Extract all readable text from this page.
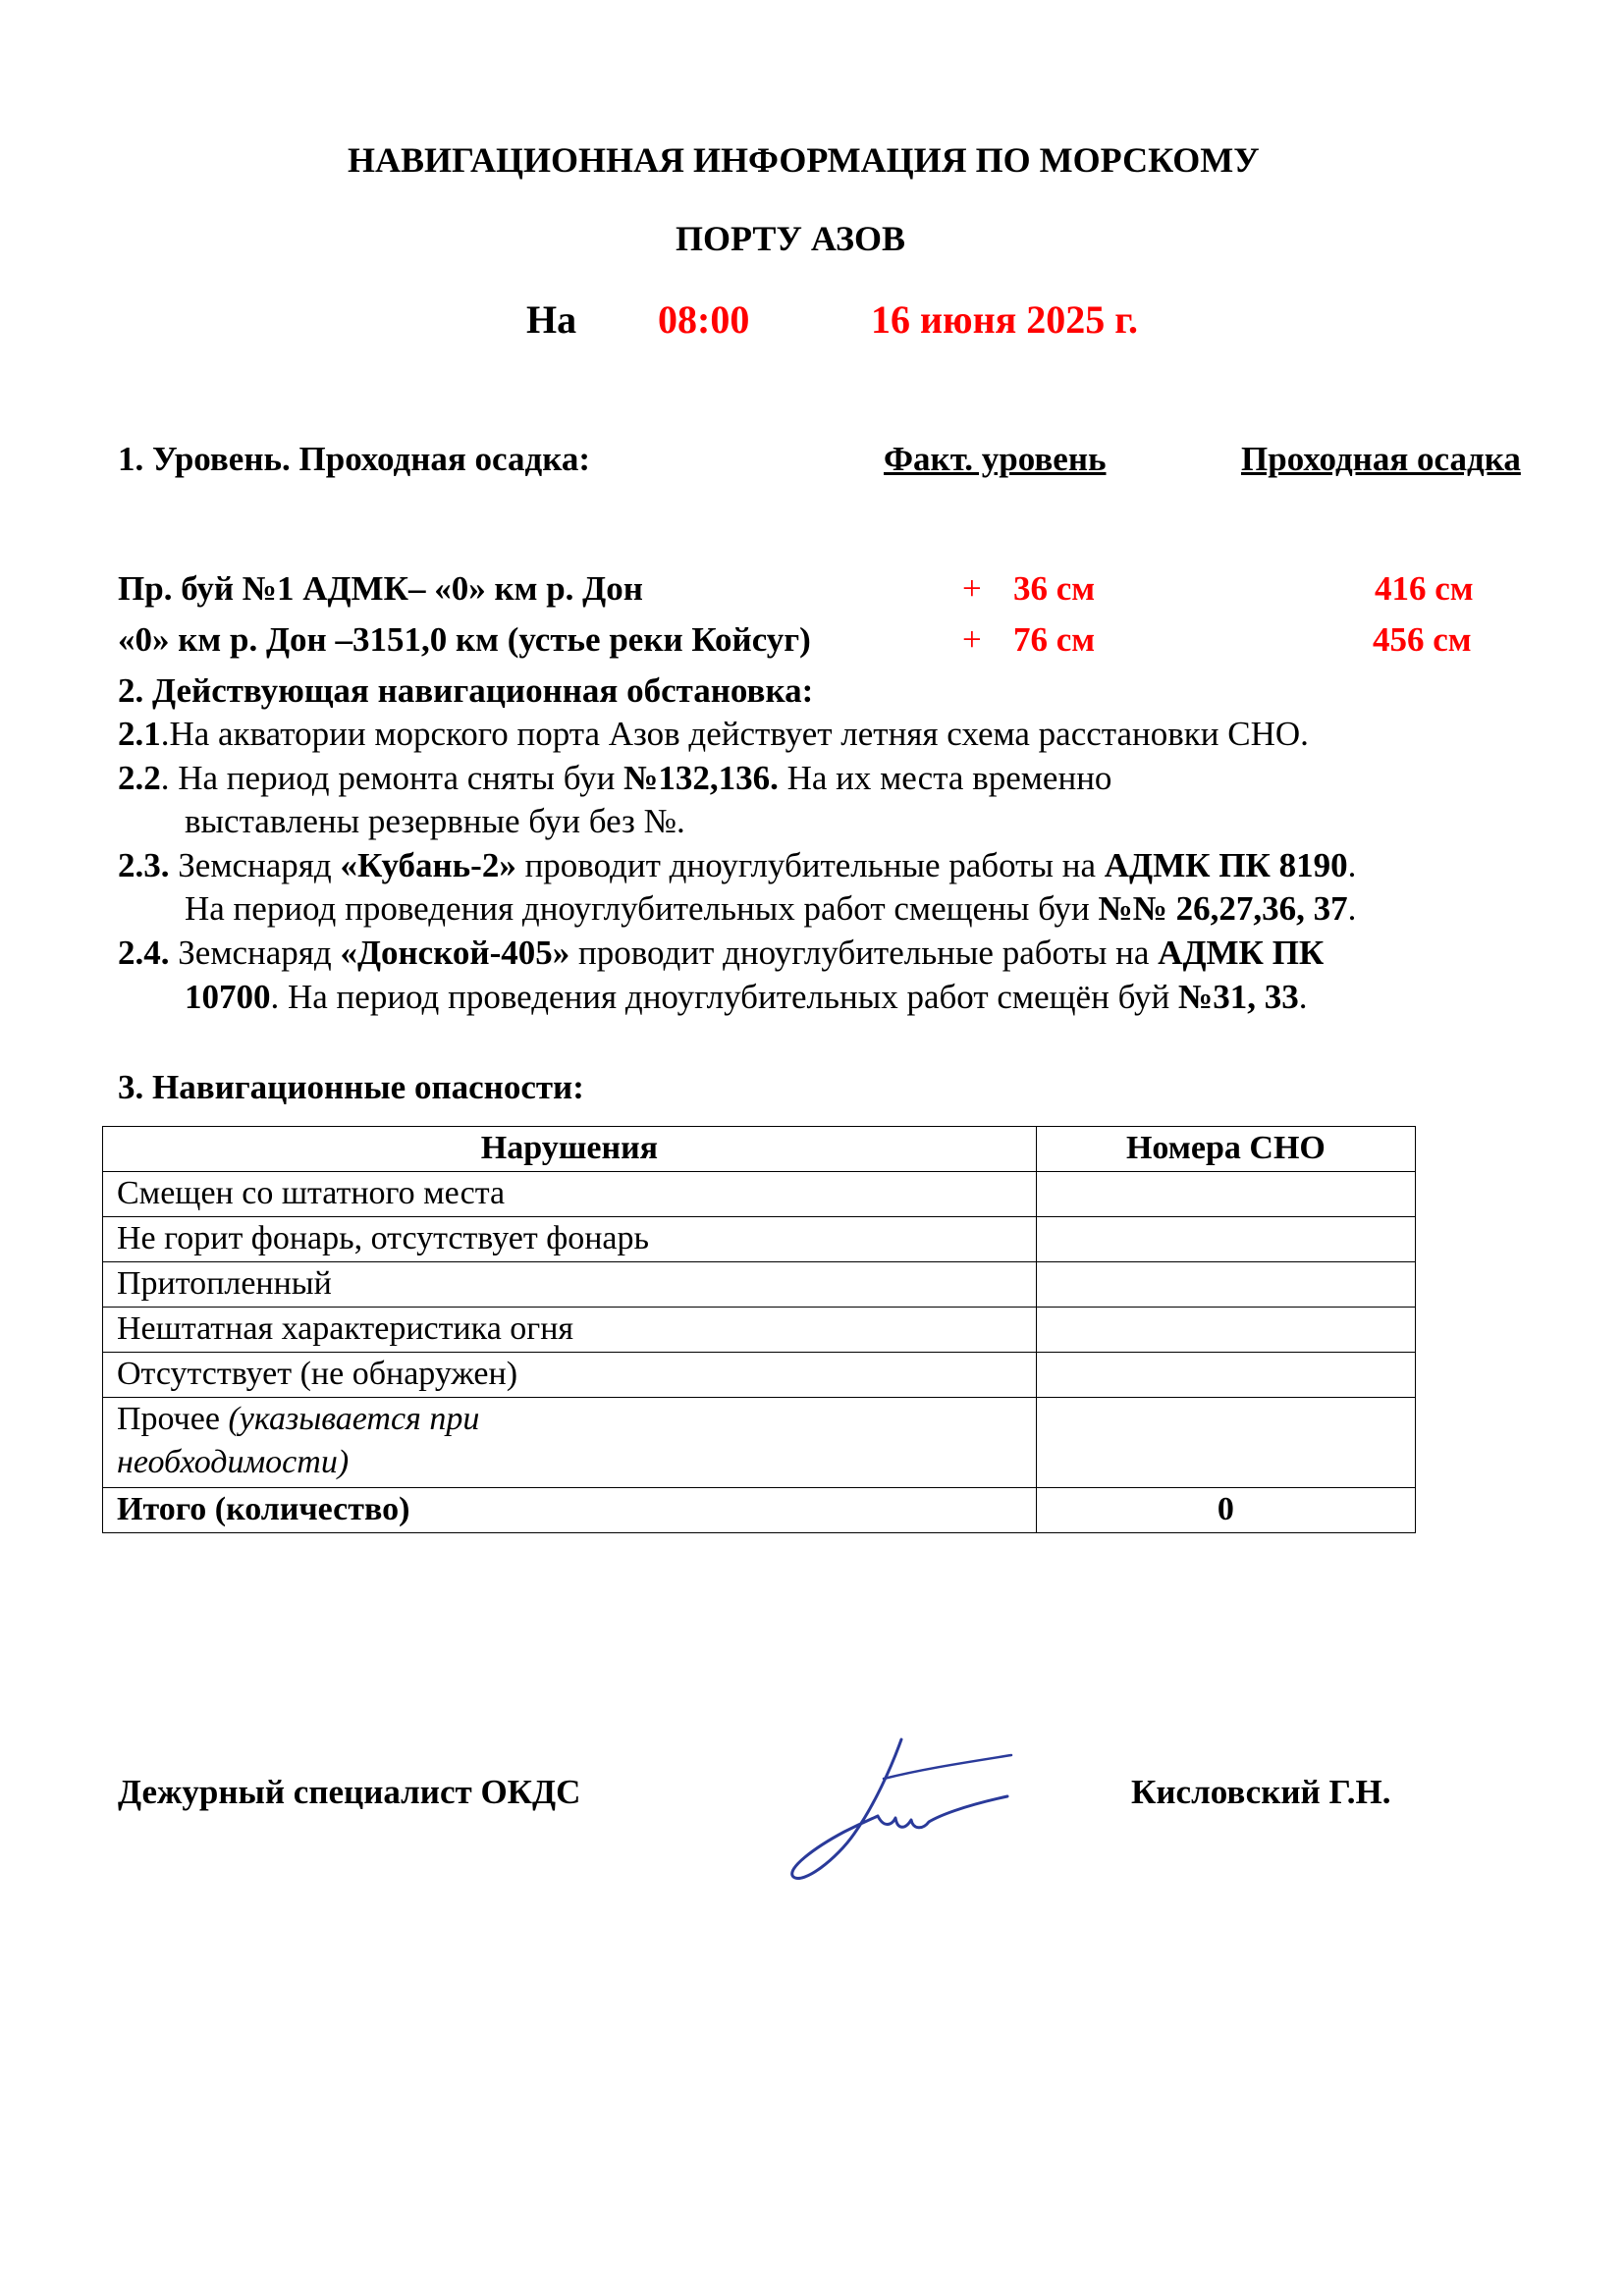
НАВИГАЦИОННАЯ ИНФОРМАЦИЯ ПО МОРСКОМУ
ПОРТУ АЗОВ
На 08:00	16 июня 2025 г.
1. Уровень. Проходная осадка:	Факт. уровень	Проходная осадка
Пр. буй №1 АДМК– «0» км р. Дон	+ 36 см	416 см
«0» км р. Дон –3151,0 км (устье реки Койсуг)	+ 76 см	456 см
2. Действующая навигационная обстановка:
2.1.На акватории морского порта Азов действует летняя схема расстановки СНО.
2.2. На период ремонта сняты буи №132,136. На их места временно
выставлены резервные буи без №.
2.3. Земснаряд «Кубань-2» проводит дноуглубительные работы на АДМК ПК 8190.
На период проведения дноуглубительных работ смещены буи №№ 26,27,36, 37.
2.4. Земснаряд «Донской-405» проводит дноуглубительные работы на АДМК ПК
10700. На период проведения дноуглубительных работ смещён буй №31, 33.
3. Навигационные опасности:
Нарушения	Номера СНО
Смещен со штатного места	
Не горит фонарь, отсутствует фонарь	
Притопленный	
Нештатная характеристика огня	
Отсутствует (не обнаружен)	
Прочее (указывается при
необходимости)	
Итого (количество)	0
Дежурный специалист ОКДС	Кисловский Г.Н.
